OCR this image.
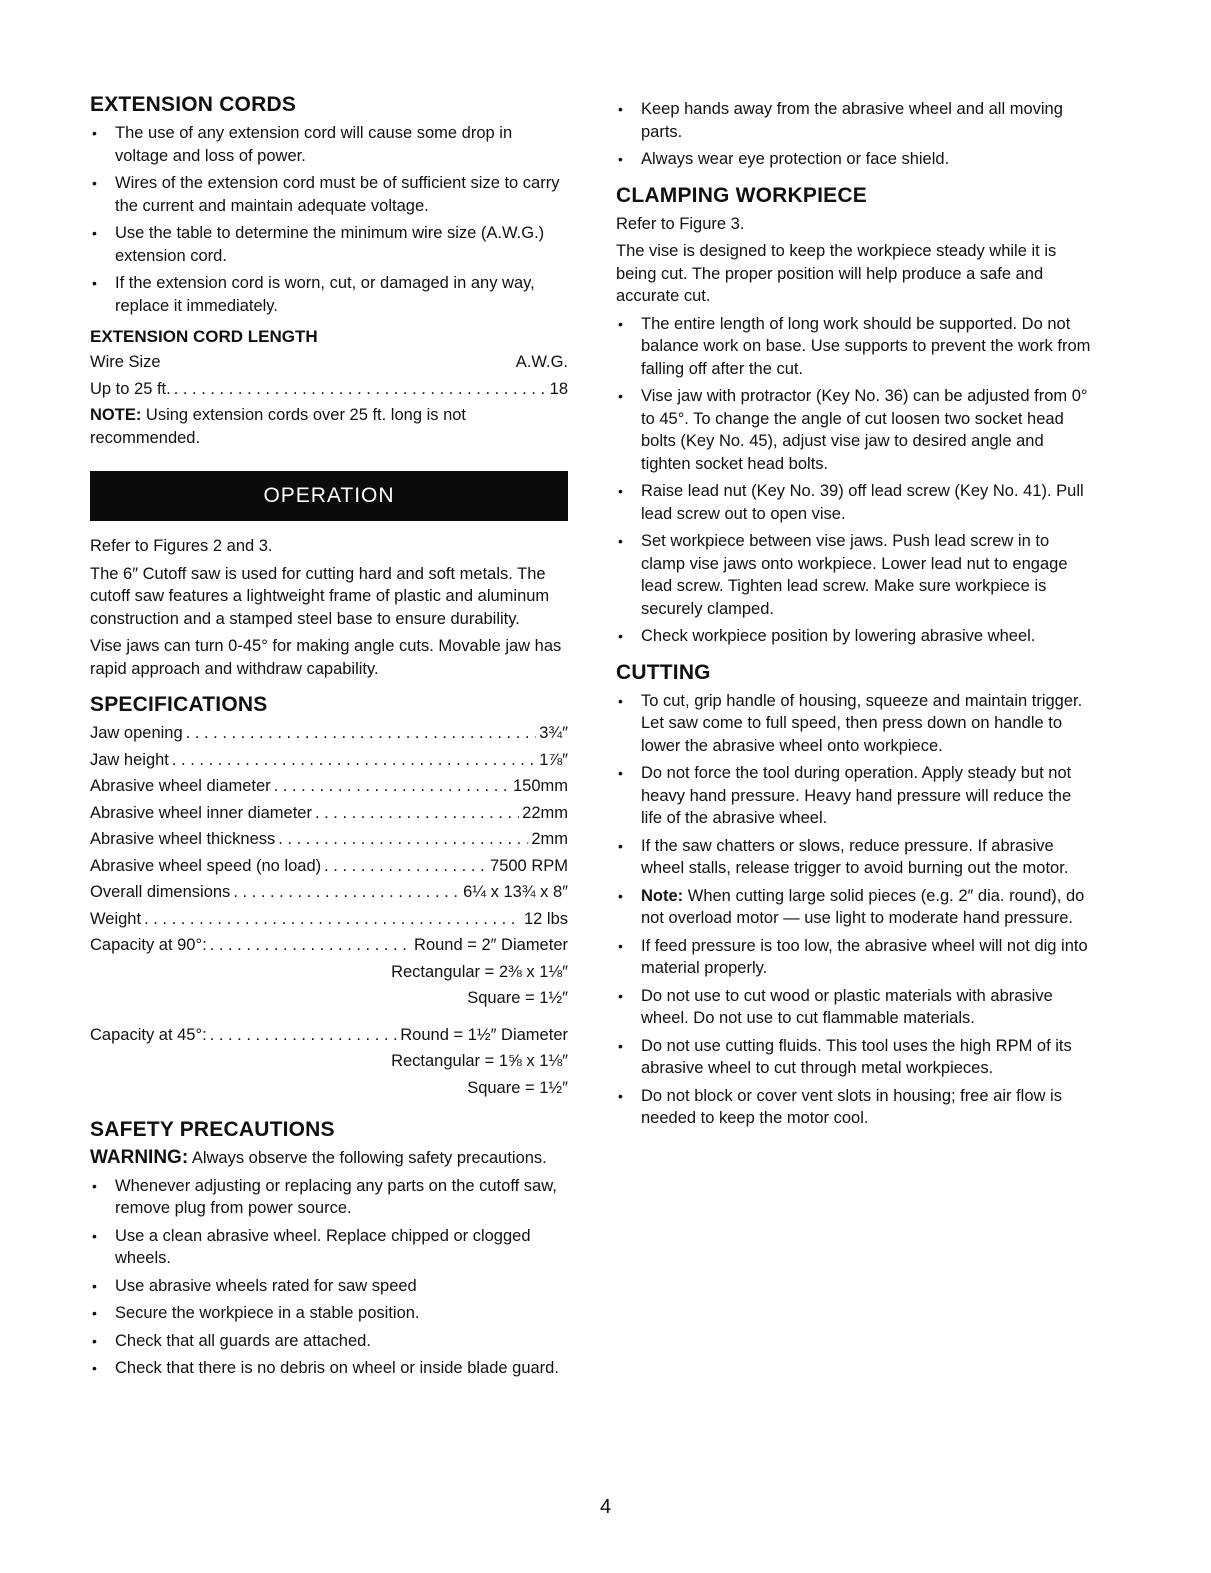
EXTENSION CORDS
• The use of any extension cord will cause some drop in voltage and loss of power.
• Wires of the extension cord must be of sufficient size to carry the current and maintain adequate voltage.
• Use the table to determine the minimum wire size (A.W.G.) extension cord.
• If the extension cord is worn, cut, or damaged in any way, replace it immediately.
EXTENSION CORD LENGTH
Wire Size	A.W.G.
Up to 25 ft. . . .	18

NOTE: Using extension cords over 25 ft. long is not recommended.

OPERATION

Refer to Figures 2 and 3.

The 6″ Cutoff saw is used for cutting hard and soft metals. The cutoff saw features a lightweight frame of plastic and aluminum construction and a stamped steel base to ensure durability.

Vise jaws can turn 0-45° for making angle cuts. Movable jaw has rapid approach and withdraw capability.

SPECIFICATIONS
Jaw opening . . .	3¾″
Jaw height . . .	1⅞″
Abrasive wheel diameter . . .	150mm
Abrasive wheel inner diameter . . .	22mm
Abrasive wheel thickness . . .	2mm
Abrasive wheel speed (no load) . . .	7500 RPM
Overall dimensions . . .	6¼ x 13¾ x 8″
Weight . . .	12 lbs
Capacity at 90°: . . .	Round = 2″ Diameter
Rectangular = 2⅜ x 1⅛″
Square = 1½″
Capacity at 45°: . . .	Round = 1½″ Diameter
Rectangular = 1⅝ x 1⅛″
Square = 1½″
SAFETY PRECAUTIONS

WARNING: Always observe the following safety precautions.

• Whenever adjusting or replacing any parts on the cutoff saw, remove plug from power source.
• Use a clean abrasive wheel. Replace chipped or clogged wheels.
• Use abrasive wheels rated for saw speed
• Secure the workpiece in a stable position.
• Check that all guards are attached.
• Check that there is no debris on wheel or inside blade guard.
• Keep hands away from the abrasive wheel and all moving parts.
• Always wear eye protection or face shield.
CLAMPING WORKPIECE

Refer to Figure 3.

The vise is designed to keep the workpiece steady while it is being cut. The proper position will help produce a safe and accurate cut.

• The entire length of long work should be supported. Do not balance work on base. Use supports to prevent the work from falling off after the cut.
• Vise jaw with protractor (Key No. 36) can be adjusted from 0° to 45°. To change the angle of cut loosen two socket head bolts (Key No. 45), adjust vise jaw to desired angle and tighten socket head bolts.
• Raise lead nut (Key No. 39) off lead screw (Key No. 41). Pull lead screw out to open vise.
• Set workpiece between vise jaws. Push lead screw in to clamp vise jaws onto workpiece. Lower lead nut to engage lead screw. Tighten lead screw. Make sure workpiece is securely clamped.
• Check workpiece position by lowering abrasive wheel.
CUTTING
• To cut, grip handle of housing, squeeze and maintain trigger. Let saw come to full speed, then press down on handle to lower the abrasive wheel onto workpiece.
• Do not force the tool during operation. Apply steady but not heavy hand pressure. Heavy hand pressure will reduce the life of the abrasive wheel.
• If the saw chatters or slows, reduce pressure. If abrasive wheel stalls, release trigger to avoid burning out the motor.
• Note: When cutting large solid pieces (e.g. 2″ dia. round), do not overload motor — use light to moderate hand pressure.
• If feed pressure is too low, the abrasive wheel will not dig into material properly.
• Do not use to cut wood or plastic materials with abrasive wheel. Do not use to cut flammable materials.
• Do not use cutting fluids. This tool uses the high RPM of its abrasive wheel to cut through metal workpieces.
• Do not block or cover vent slots in housing; free air flow is needed to keep the motor cool.
4
